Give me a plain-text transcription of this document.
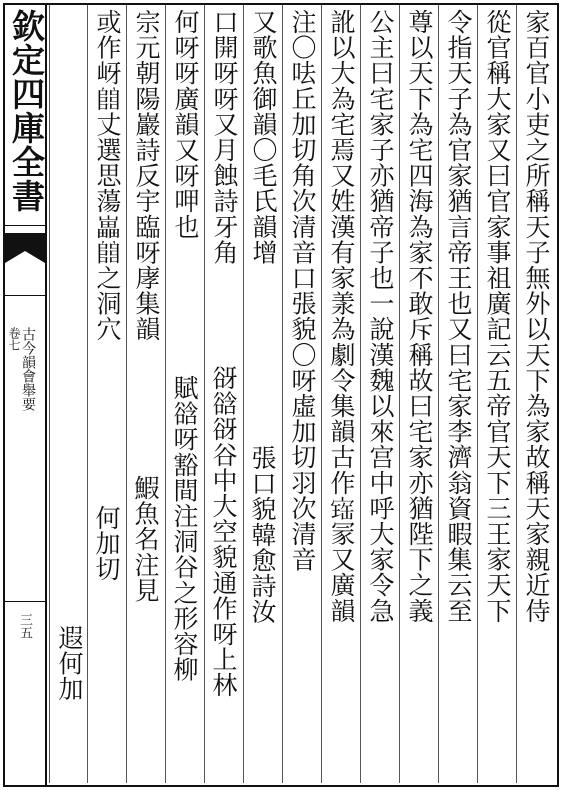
欽定四庫全書
卷七 古今韻會舉要
三五
家百官小吏之所稱天子無外以天下為家故稱天家親近侍
從官稱大家又曰官家事祖廣記云五帝官天下三王家天下
令指天子為官家猶言帝王也又曰宅家李濟翁資暇集云至
尊以天下為宅四海為家不敢斥稱故曰宅家亦猶陛下之義
公主曰宅家子亦猶帝子也一說漢魏以來宫中呼大家令急
訛以大為宅焉又姓漢有家羕為劇令集韻古作𡩧冡又廣韻
注〇呿丘加切角次清音口張貌〇呀虛加切羽次清音
又歌魚御韻〇毛氏韻增
張口貌韓愈詩汝
口開呀呀又月蝕詩牙角
谺谽谺谷中大空貌通作呀上林
何呀呀廣韻又呀呷也
賦谽呀豁間注洞谷之形容柳
宗元朝陽巖詩反宇臨呀庨集韻
鰕魚名注見
或作岈𨺅丈選思蕩𡾋𨺅之洞穴
何加切
遐何加
